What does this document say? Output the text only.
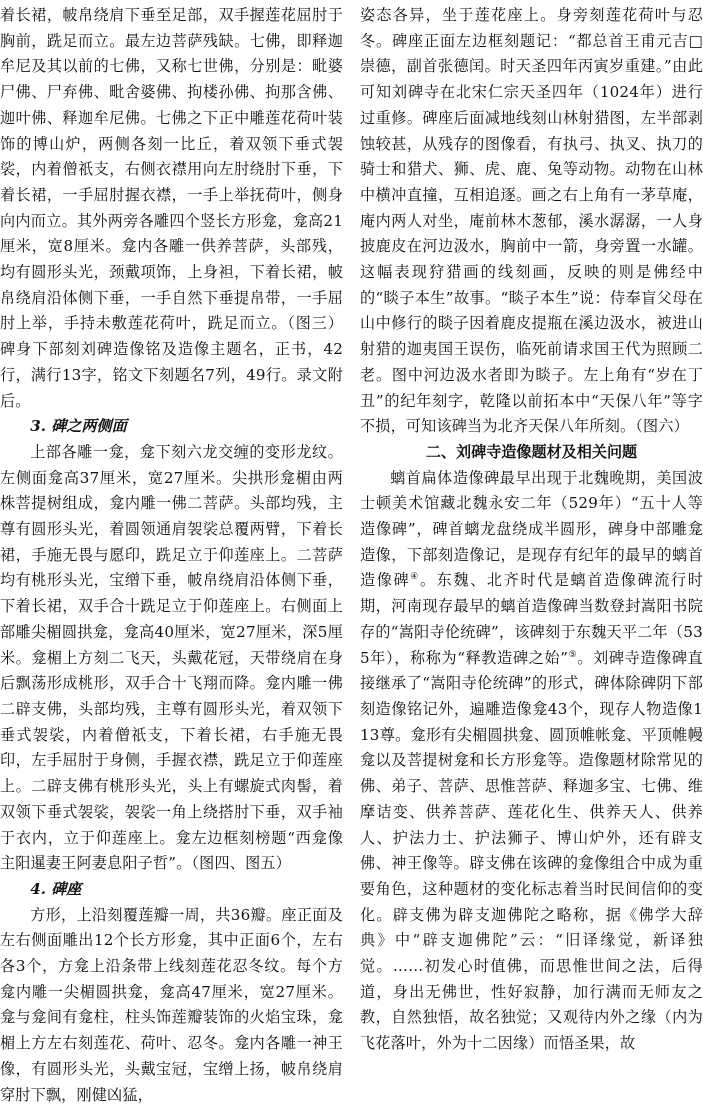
着长裙，帔帛绕肩下垂至足部，双手握莲花屈肘于胸前，跣足而立。最左边菩萨残缺。七佛，即释迦牟尼及其以前的七佛，又称七世佛，分别是：毗婆尸佛、尸弃佛、毗舍婆佛、拘楼孙佛、拘那含佛、迦叶佛、释迦牟尼佛。七佛之下正中雕莲花荷叶装饰的博山炉，两侧各刻一比丘，着双领下垂式袈裟，内着僧祇支，右侧衣襟用向左肘绕肘下垂，下着长裙，一手屈肘握衣襟，一手上举抚荷叶，侧身向内而立。其外两旁各雕四个竖长方形龛，龛高21厘米，宽8厘米。龛内各雕一供养菩萨，头部残，均有圆形头光，颈戴项饰，上身袒，下着长裙，帔帛绕肩沿体侧下垂，一手自然下垂提帛带，一手屈肘上举，手持未敷莲花荷叶，跣足而立。（图三）碑身下部刻刘碑造像铭及造像主题名，正书，42行，满行13字，铭文下刻题名7列，49行。录文附后。

3. 碑之两侧面

上部各雕一龛，龛下刻六龙交缠的变形龙纹。左侧面龛高37厘米，宽27厘米。尖拱形龛楣由两株菩提树组成，龛内雕一佛二菩萨。头部均残，主尊有圆形头光，着圆领通肩袈裟总覆两臂，下着长裙，手施无畏与愿印，跣足立于仰莲座上。二菩萨均有桃形头光，宝缯下垂，帔帛绕肩沿体侧下垂，下着长裙，双手合十跣足立于仰莲座上。右侧面上部雕尖楣圆拱龛，龛高40厘米，宽27厘米，深5厘米。龛楣上方刻二飞天，头戴花冠，天带绕肩在身后飘荡形成桃形，双手合十飞翔而降。龛内雕一佛二辟支佛，头部均残，主尊有圆形头光，着双领下垂式袈裟，内着僧祇支，下着长裙，右手施无畏印，左手屈肘于身侧，手握衣襟，跣足立于仰莲座上。二辟支佛有桃形头光，头上有螺旋式肉髻，着双领下垂式袈裟，袈裟一角上绕搭肘下垂，双手袖于衣内，立于仰莲座上。龛左边框刻榜题“西龛像主阳暹妻王阿妻息阳子哲”。（图四、图五）

4. 碑座

方形，上沿刻覆莲瓣一周，共36瓣。座正面及左右侧面雕出12个长方形龛，其中正面6个，左右各3个，方龛上沿条带上线刻莲花忍冬纹。每个方龛内雕一尖楣圆拱龛，龛高47厘米，宽27厘米。龛与龛间有龛柱，柱头饰莲瓣装饰的火焰宝珠，龛楣上方左右刻莲花、荷叶、忍冬。龛内各雕一神王像，有圆形头光，头戴宝冠，宝缯上扬，帔帛绕肩穿肘下飘，刚健凶猛，

姿态各异，坐于莲花座上。身旁刻莲花荷叶与忍冬。碑座正面左边框刻题记：“都总首王甫元吉□崇德，副首张德闰。时天圣四年丙寅岁重建。”由此可知刘碑寺在北宋仁宗天圣四年（1024年）进行过重修。碑座后面减地线刻山林射猎图，左半部剥蚀较甚，从残存的图像看，有执弓、执叉、执刀的骑士和猎犬、狮、虎、鹿、兔等动物。动物在山林中横冲直撞，互相追逐。画之右上角有一茅草庵，庵内两人对坐，庵前林木葱郁，溪水潺潺，一人身披鹿皮在河边汲水，胸前中一箭，身旁置一水罐。这幅表现狩猎画的线刻画，反映的则是佛经中的“睒子本生”故事。“睒子本生”说：侍奉盲父母在山中修行的睒子因着鹿皮提瓶在溪边汲水，被进山射猎的迦夷国王误伤，临死前请求国王代为照顾二老。图中河边汲水者即为睒子。左上角有“岁在丁丑”的纪年刻字，乾隆以前拓本中“天保八年”等字不损，可知该碑当为北齐天保八年所刻。（图六）

二、刘碑寺造像题材及相关问题

螭首扁体造像碑最早出现于北魏晚期，美国波士顿美术馆藏北魏永安二年（529年）“五十人等造像碑”，碑首螭龙盘绕成半圆形，碑身中部雕龛造像，下部刻造像记，是现存有纪年的最早的螭首造像碑④。东魏、北齐时代是螭首造像碑流行时期，河南现存最早的螭首造像碑当数登封嵩阳书院存的“嵩阳寺伦统碑”，该碑刻于东魏天平二年（535年），称称为“释教造碑之始”⑤。刘碑寺造像碑直接继承了“嵩阳寺伦统碑”的形式，碑体除碑阴下部刻造像铭记外，遍雕造像龛43个，现存人物造像113尊。龛形有尖楣圆拱龛、圆顶帷帐龛、平顶帷幔龛以及菩提树龛和长方形龛等。造像题材除常见的佛、弟子、菩萨、思惟菩萨、释迦多宝、七佛、维摩诘变、供养菩萨、莲花化生、供养天人、供养人、护法力士、护法狮子、博山炉外，还有辟支佛、神王像等。辟支佛在该碑的龛像组合中成为重要角色，这种题材的变化标志着当时民间信仰的变化。辟支佛为辟支迦佛陀之略称，据《佛学大辞典》中“辟支迦佛陀”云：“旧译缘觉，新译独觉。……初发心时值佛，而思惟世间之法，后得道，身出无佛世，性好寂静，加行满而无师友之教，自然独悟，故名独觉；又观待内外之缘（内为飞花落叶，外为十二因缘）而悟圣果，故
